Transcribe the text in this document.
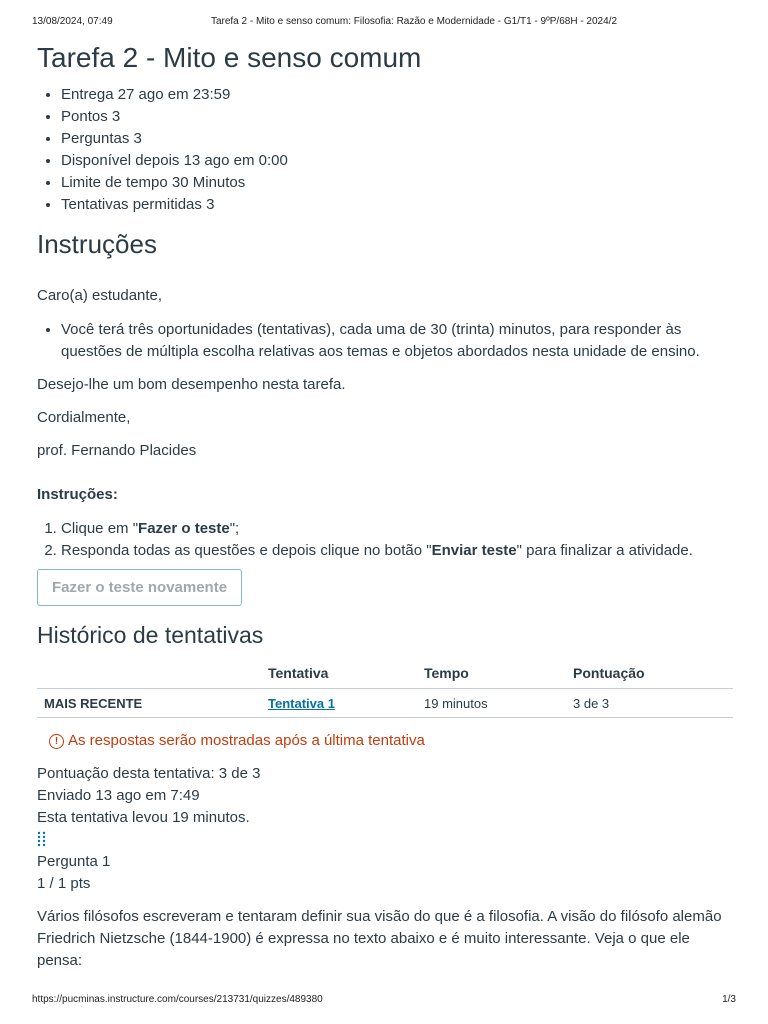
13/08/2024, 07:49	Tarefa 2 - Mito e senso comum: Filosofia: Razão e Modernidade - G1/T1 - 9ºP/68H - 2024/2
Tarefa 2 - Mito e senso comum
• Entrega 27 ago em 23:59
• Pontos 3
• Perguntas 3
• Disponível depois 13 ago em 0:00
• Limite de tempo 30 Minutos
• Tentativas permitidas 3
Instruções

Caro(a) estudante,

• Você terá três oportunidades (tentativas), cada uma de 30 (trinta) minutos, para responder às questões de múltipla escolha relativas aos temas e objetos abordados nesta unidade de ensino.

Desejo-lhe um bom desempenho nesta tarefa.

Cordialmente,

prof. Fernando Placides

Instruções:

1. Clique em "Fazer o teste";
2. Responda todas as questões e depois clique no botão "Enviar teste" para finalizar a atividade.
Fazer o teste novamente
Histórico de tentativas
	Tentativa	Tempo	Pontuação
MAIS RECENTE	Tentativa 1	19 minutos	3 de 3
! As respostas serão mostradas após a última tentativa

Pontuação desta tentativa: 3 de 3

Enviado 13 ago em 7:49

Esta tentativa levou 19 minutos.

Pergunta 1

1 / 1 pts

Vários filósofos escreveram e tentaram definir sua visão do que é a filosofia. A visão do filósofo alemão Friedrich Nietzsche (1844-1900) é expressa no texto abaixo e é muito interessante. Veja o que ele pensa:

https://pucminas.instructure.com/courses/213731/quizzes/489380	1/3
